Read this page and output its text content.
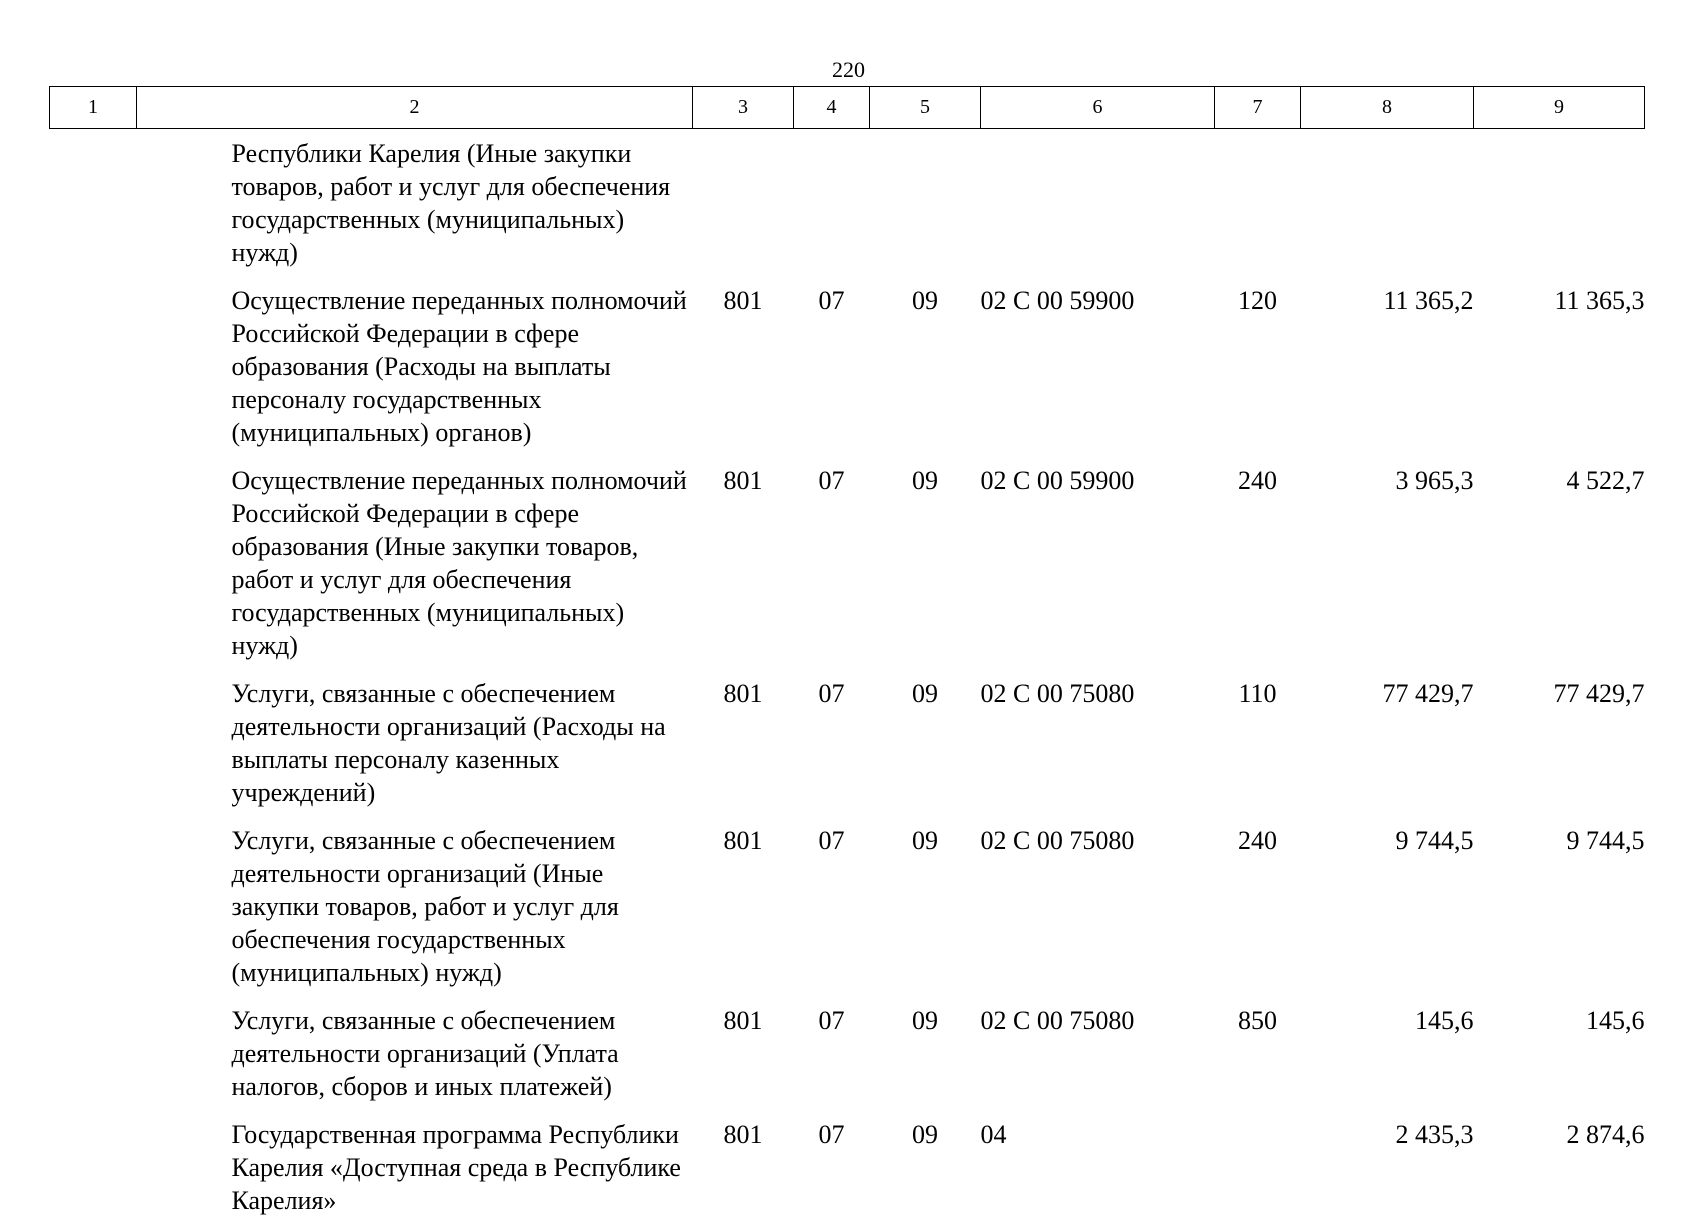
220
1	2	3	4	5	6	7	8	9
	Республики Карелия (Иные закупки товаров, работ и услуг для обеспечения государственных (муниципальных) нужд)							
	Осуществление переданных полномочий Российской Федерации в сфере образования (Расходы на выплаты персоналу государственных (муниципальных) органов)	801	07	09	02 С 00 59900	120	11 365,2	11 365,3
	Осуществление переданных полномочий Российской Федерации в сфере образования (Иные закупки товаров, работ и услуг для обеспечения государственных (муниципальных) нужд)	801	07	09	02 С 00 59900	240	3 965,3	4 522,7
	Услуги, связанные с обеспечением деятельности организаций (Расходы на выплаты персоналу казенных учреждений)	801	07	09	02 С 00 75080	110	77 429,7	77 429,7
	Услуги, связанные с обеспечением деятельности организаций (Иные закупки товаров, работ и услуг для обеспечения государственных (муниципальных) нужд)	801	07	09	02 С 00 75080	240	9 744,5	9 744,5
	Услуги, связанные с обеспечением деятельности организаций (Уплата налогов, сборов и иных платежей)	801	07	09	02 С 00 75080	850	145,6	145,6
	Государственная программа Республики Карелия «Доступная среда в Республике Карелия»	801	07	09	04		2 435,3	2 874,6
